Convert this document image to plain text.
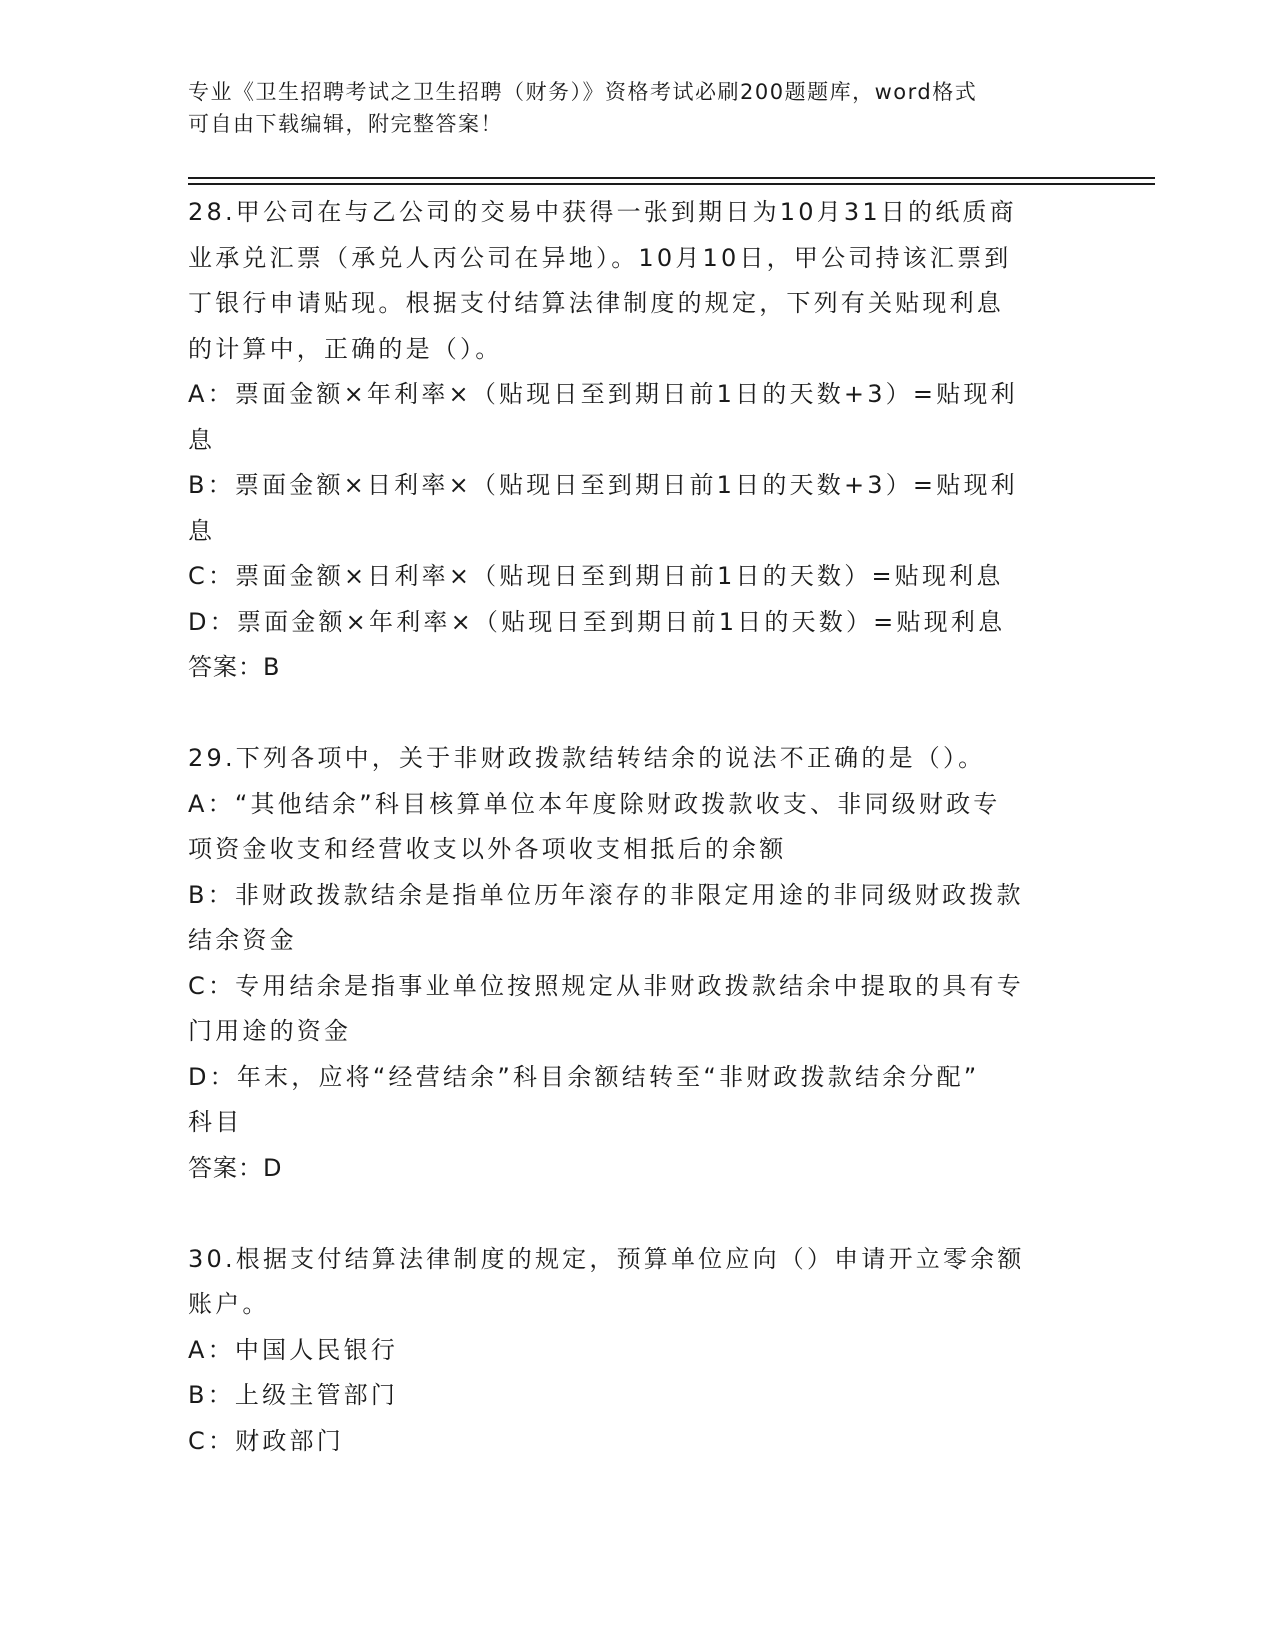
专业《卫生招聘考试之卫生招聘（财务）》资格考试必刷200题题库，word格式
可自由下载编辑，附完整答案！
28.甲公司在与乙公司的交易中获得一张到期日为10月31日的纸质商
业承兑汇票（承兑人丙公司在异地）。10月10日，甲公司持该汇票到
丁银行申请贴现。根据支付结算法律制度的规定，下列有关贴现利息
的计算中，正确的是（）。
A：票面金额×年利率×（贴现日至到期日前1日的天数+3）=贴现利
息
B：票面金额×日利率×（贴现日至到期日前1日的天数+3）=贴现利
息
C：票面金额×日利率×（贴现日至到期日前1日的天数）=贴现利息
D：票面金额×年利率×（贴现日至到期日前1日的天数）=贴现利息
答案：B
29.下列各项中，关于非财政拨款结转结余的说法不正确的是（）。
A：“其他结余”科目核算单位本年度除财政拨款收支、非同级财政专
项资金收支和经营收支以外各项收支相抵后的余额
B：非财政拨款结余是指单位历年滚存的非限定用途的非同级财政拨款
结余资金
C：专用结余是指事业单位按照规定从非财政拨款结余中提取的具有专
门用途的资金
D：年末，应将“经营结余”科目余额结转至“非财政拨款结余分配”
科目
答案：D
30.根据支付结算法律制度的规定，预算单位应向（）申请开立零余额
账户。
A：中国人民银行
B：上级主管部门
C：财政部门
